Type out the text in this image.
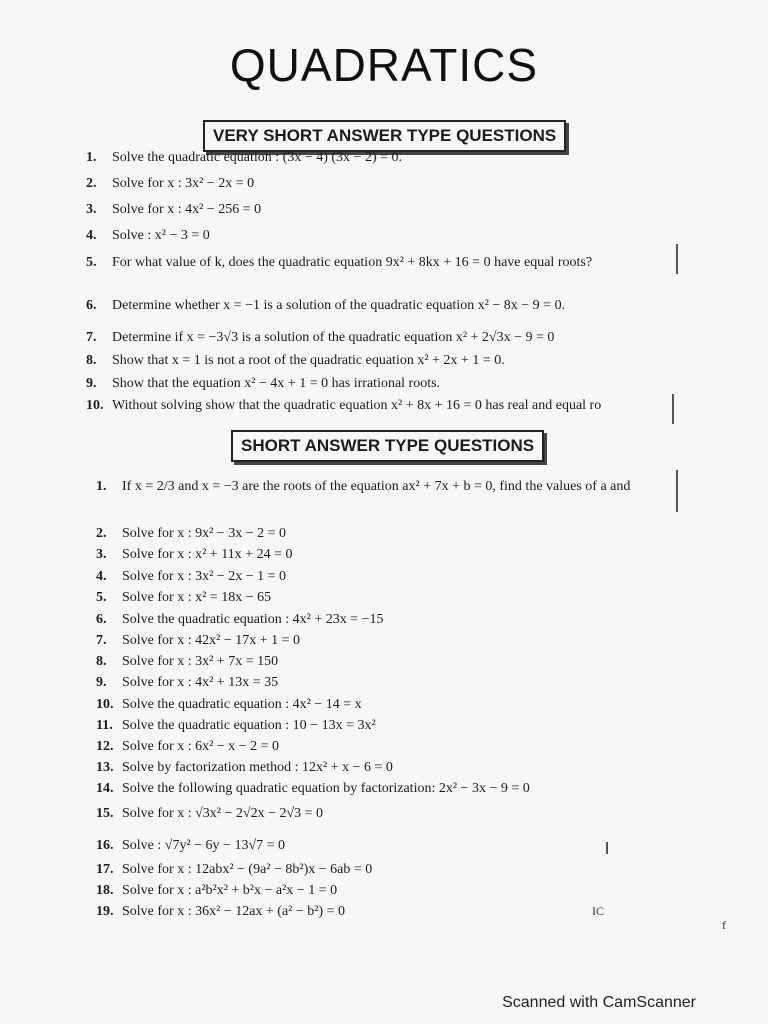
QUADRATICS
VERY SHORT ANSWER TYPE QUESTIONS
1. Solve the quadratic equation : (3x − 4) (3x − 2) = 0.
2. Solve for x : 3x² − 2x = 0
3. Solve for x : 4x² − 256 = 0
4. Solve : x² − 3 = 0
5. For what value of k, does the quadratic equation 9x² + 8kx + 16 = 0 have equal roots?
6. Determine whether x = −1 is a solution of the quadratic equation x² − 8x − 9 = 0.
7. Determine if x = −3√3 is a solution of the quadratic equation x² + 2√3x − 9 = 0
8. Show that x = 1 is not a root of the quadratic equation x² + 2x + 1 = 0.
9. Show that the equation x² − 4x + 1 = 0 has irrational roots.
10. Without solving show that the quadratic equation x² + 8x + 16 = 0 has real and equal ro
SHORT ANSWER TYPE QUESTIONS
1. If x = 2/3 and x = −3 are the roots of the equation ax² + 7x + b = 0, find the values of a and
2. Solve for x : 9x² − 3x − 2 = 0
3. Solve for x : x² + 11x + 24 = 0
4. Solve for x : 3x² − 2x − 1 = 0
5. Solve for x : x² = 18x − 65
6. Solve the quadratic equation : 4x² + 23x = −15
7. Solve for x : 42x² − 17x + 1 = 0
8. Solve for x : 3x² + 7x = 150
9. Solve for x : 4x² + 13x = 35
10. Solve the quadratic equation : 4x² − 14 = x
11. Solve the quadratic equation : 10 − 13x = 3x²
12. Solve for x : 6x² − x − 2 = 0
13. Solve by factorization method : 12x² + x − 6 = 0
14. Solve the following quadratic equation by factorization: 2x² − 3x − 9 = 0
15. Solve for x : √3x² − 2√2x − 2√3 = 0
16. Solve : √7y² − 6y − 13√7 = 0
17. Solve for x : 12abx² − (9a² − 8b²)x − 6ab = 0
18. Solve for x : a²b²x² + b²x − a²x − 1 = 0
19. Solve for x : 36x² − 12ax + (a² − b²) = 0	IC
f
Scanned with CamScanner
